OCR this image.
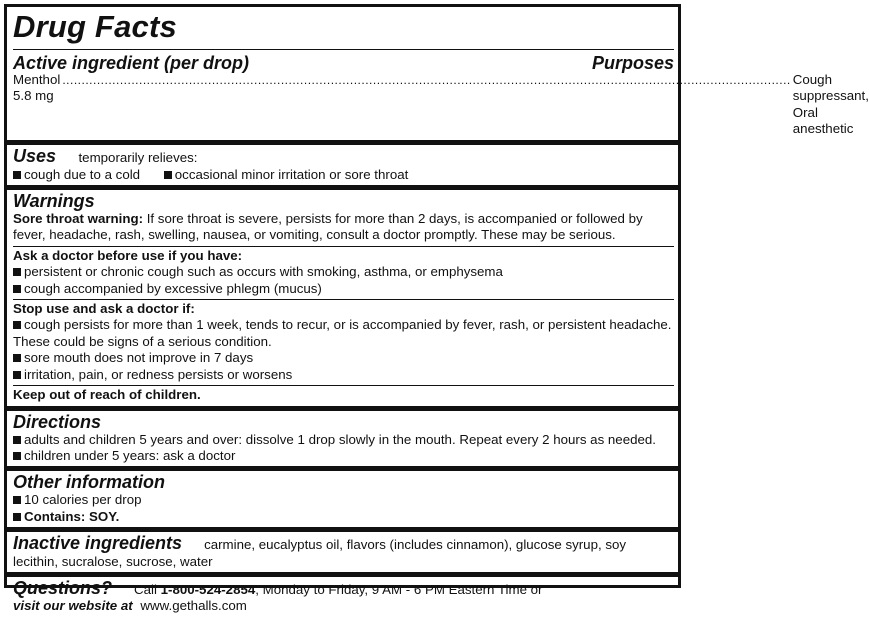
Drug Facts
Active ingredient (per drop)	Purposes
Menthol 5.8 mg
.............................................................................................................................................................................................. Cough suppressant, Oral anesthetic
Uses temporarily relieves:
cough due to a cold	occasional minor irritation or sore throat
Warnings
Sore throat warning: If sore throat is severe, persists for more than 2 days, is accompanied or followed by fever, headache, rash, swelling, nausea, or vomiting, consult a doctor promptly. These may be serious.
Ask a doctor before use if you have:
persistent or chronic cough such as occurs with smoking, asthma, or emphysema
cough accompanied by excessive phlegm (mucus)
Stop use and ask a doctor if:
cough persists for more than 1 week, tends to recur, or is accompanied by fever, rash, or persistent headache. These could be signs of a serious condition.
sore mouth does not improve in 7 days
irritation, pain, or redness persists or worsens
Keep out of reach of children.
Directions
adults and children 5 years and over: dissolve 1 drop slowly in the mouth. Repeat every 2 hours as needed.
children under 5 years: ask a doctor
Other information
10 calories per drop
Contains: SOY.
Inactive ingredients carmine, eucalyptus oil, flavors (includes cinnamon), glucose syrup, soy lecithin, sucralose, sucrose, water
Questions? Call 1-800-524-2854, Monday to Friday, 9 AM - 6 PM Eastern Time or
visit our website at www.gethalls.com
